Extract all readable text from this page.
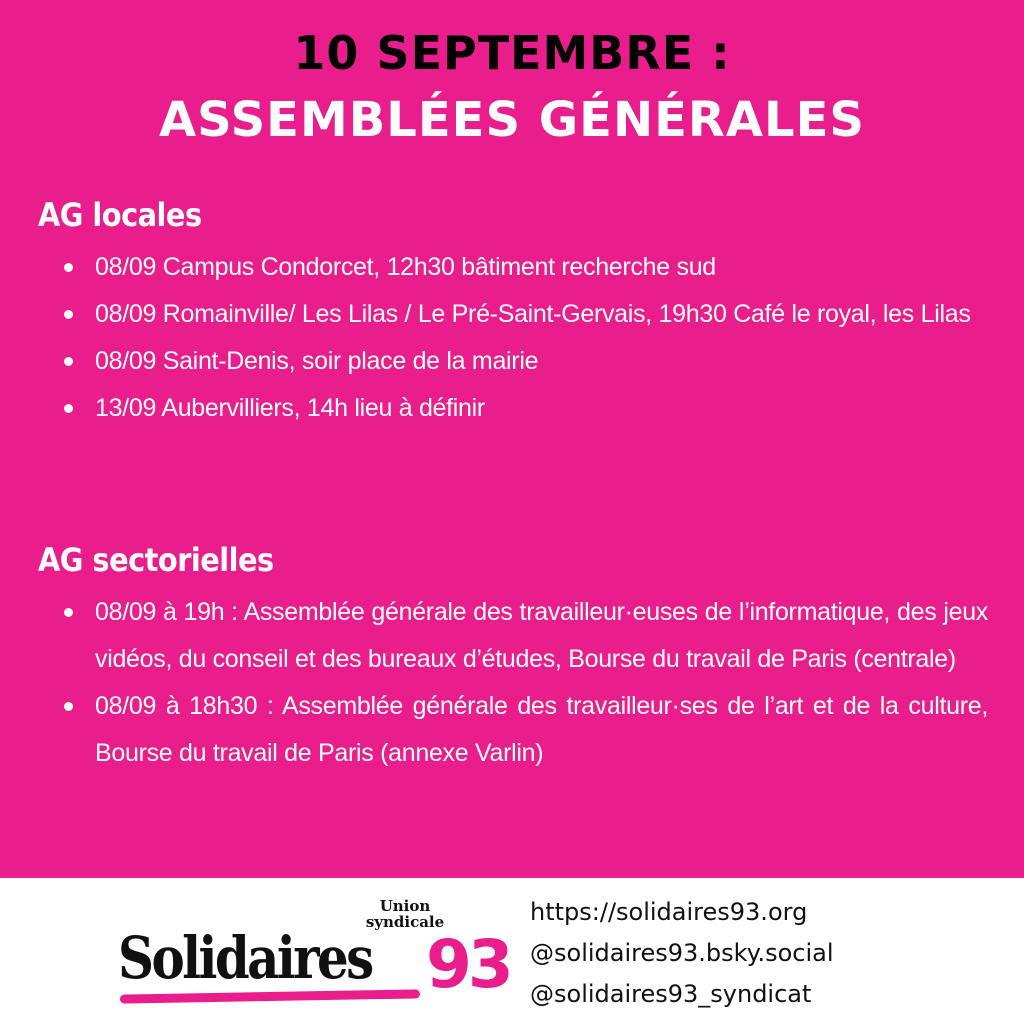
10 SEPTEMBRE :
ASSEMBLÉES GÉNÉRALES
AG locales
08/09 Campus Condorcet, 12h30 bâtiment recherche sud
08/09 Romainville/ Les Lilas / Le Pré-Saint-Gervais, 19h30 Café le royal, les Lilas
08/09 Saint-Denis, soir place de la mairie
13/09 Aubervilliers, 14h lieu à définir
AG sectorielles
08/09 à 19h : Assemblée générale des travailleur·euses de l’informatique, des jeux vidéos, du conseil et des bureaux d’études, Bourse du travail de Paris (centrale)
08/09 à 18h30 : Assemblée générale des travailleur·ses de l’art et de la culture, Bourse du travail de Paris (annexe Varlin)
Union
syndicale
Solidaires 93
https://solidaires93.org
@solidaires93.bsky.social
@solidaires93_syndicat
